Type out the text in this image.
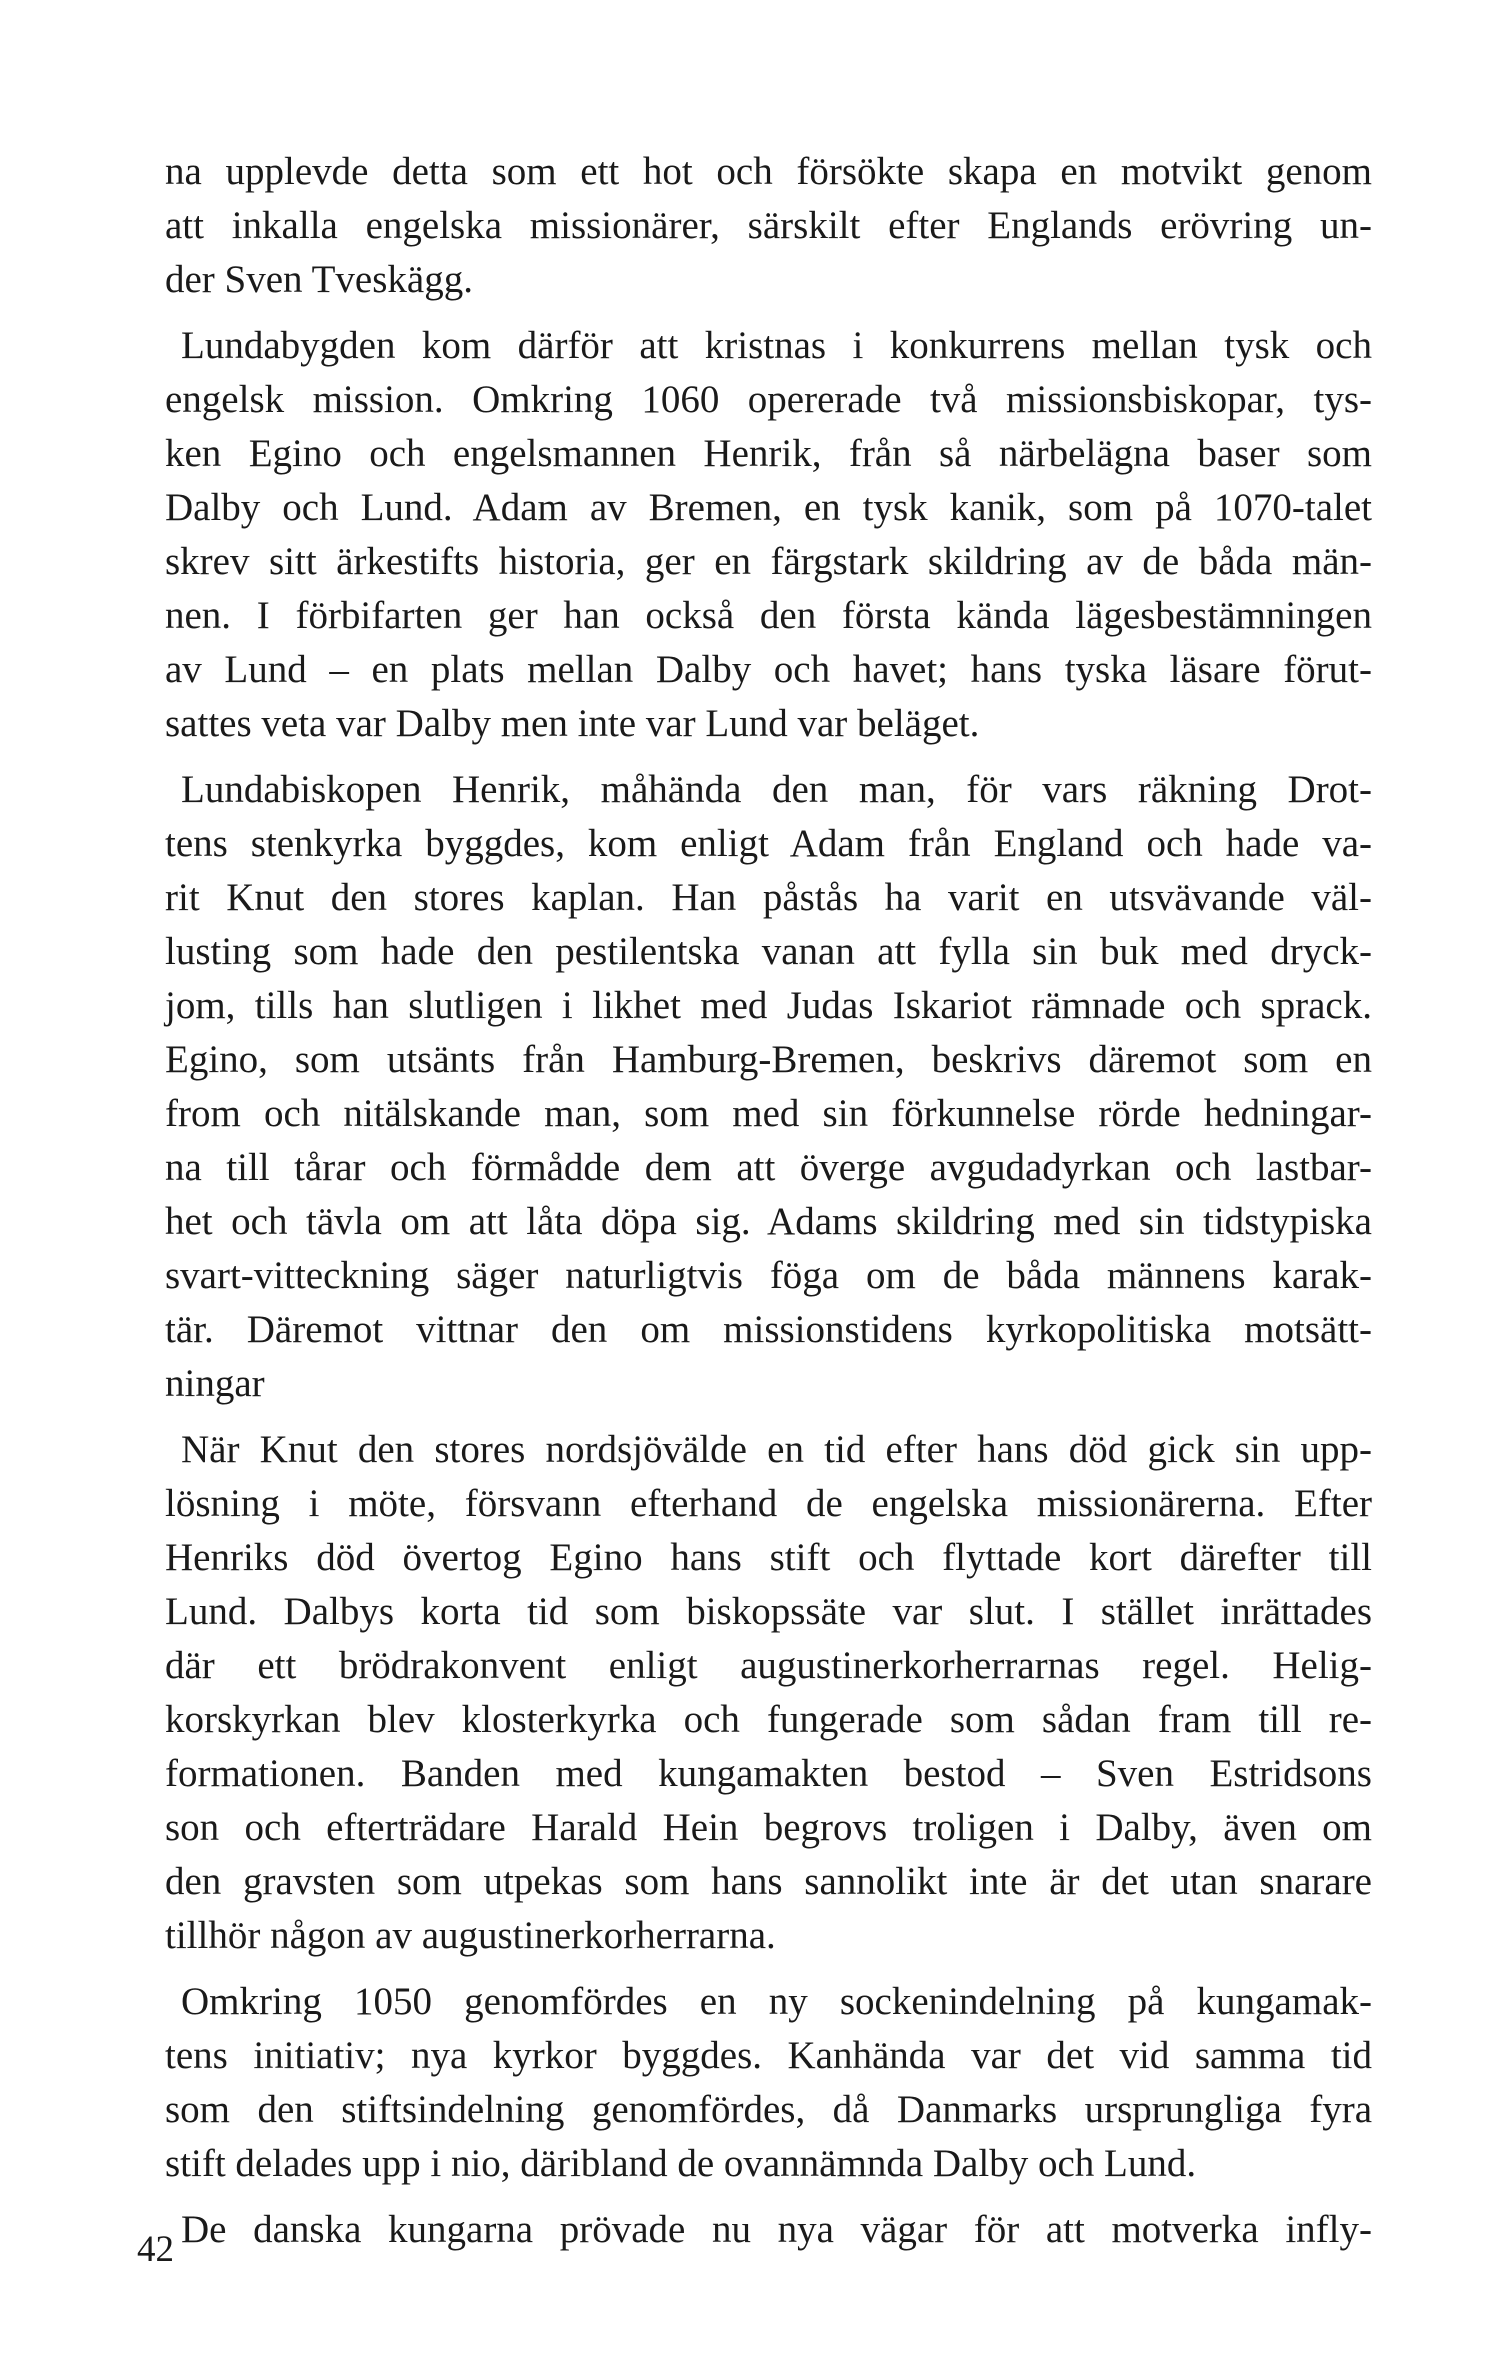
na upplevde detta som ett hot och försökte skapa en motvikt genom
att inkalla engelska missionärer, särskilt efter Englands erövring un-
der Sven Tveskägg.
Lundabygden kom därför att kristnas i konkurrens mellan tysk och
engelsk mission. Omkring 1060 opererade två missionsbiskopar, tys-
ken Egino och engelsmannen Henrik, från så närbelägna baser som
Dalby och Lund. Adam av Bremen, en tysk kanik, som på 1070-talet
skrev sitt ärkestifts historia, ger en färgstark skildring av de båda män-
nen. I förbifarten ger han också den första kända lägesbestämningen
av Lund – en plats mellan Dalby och havet; hans tyska läsare förut-
sattes veta var Dalby men inte var Lund var beläget.
Lundabiskopen Henrik, måhända den man, för vars räkning Drot-
tens stenkyrka byggdes, kom enligt Adam från England och hade va-
rit Knut den stores kaplan. Han påstås ha varit en utsvävande väl-
lusting som hade den pestilentska vanan att fylla sin buk med dryck-
jom, tills han slutligen i likhet med Judas Iskariot rämnade och sprack.
Egino, som utsänts från Hamburg-Bremen, beskrivs däremot som en
from och nitälskande man, som med sin förkunnelse rörde hedningar-
na till tårar och förmådde dem att överge avgudadyrkan och lastbar-
het och tävla om att låta döpa sig. Adams skildring med sin tidstypiska
svart-vitteckning säger naturligtvis föga om de båda männens karak-
tär. Däremot vittnar den om missionstidens kyrkopolitiska motsätt-
ningar
När Knut den stores nordsjövälde en tid efter hans död gick sin upp-
lösning i möte, försvann efterhand de engelska missionärerna. Efter
Henriks död övertog Egino hans stift och flyttade kort därefter till
Lund. Dalbys korta tid som biskopssäte var slut. I stället inrättades
där ett brödrakonvent enligt augustinerkorherrarnas regel. Helig-
korskyrkan blev klosterkyrka och fungerade som sådan fram till re-
formationen. Banden med kungamakten bestod – Sven Estridsons
son och efterträdare Harald Hein begrovs troligen i Dalby, även om
den gravsten som utpekas som hans sannolikt inte är det utan snarare
tillhör någon av augustinerkorherrarna.
Omkring 1050 genomfördes en ny sockenindelning på kungamak-
tens initiativ; nya kyrkor byggdes. Kanhända var det vid samma tid
som den stiftsindelning genomfördes, då Danmarks ursprungliga fyra
stift delades upp i nio, däribland de ovannämnda Dalby och Lund.
De danska kungarna prövade nu nya vägar för att motverka infly-
42
